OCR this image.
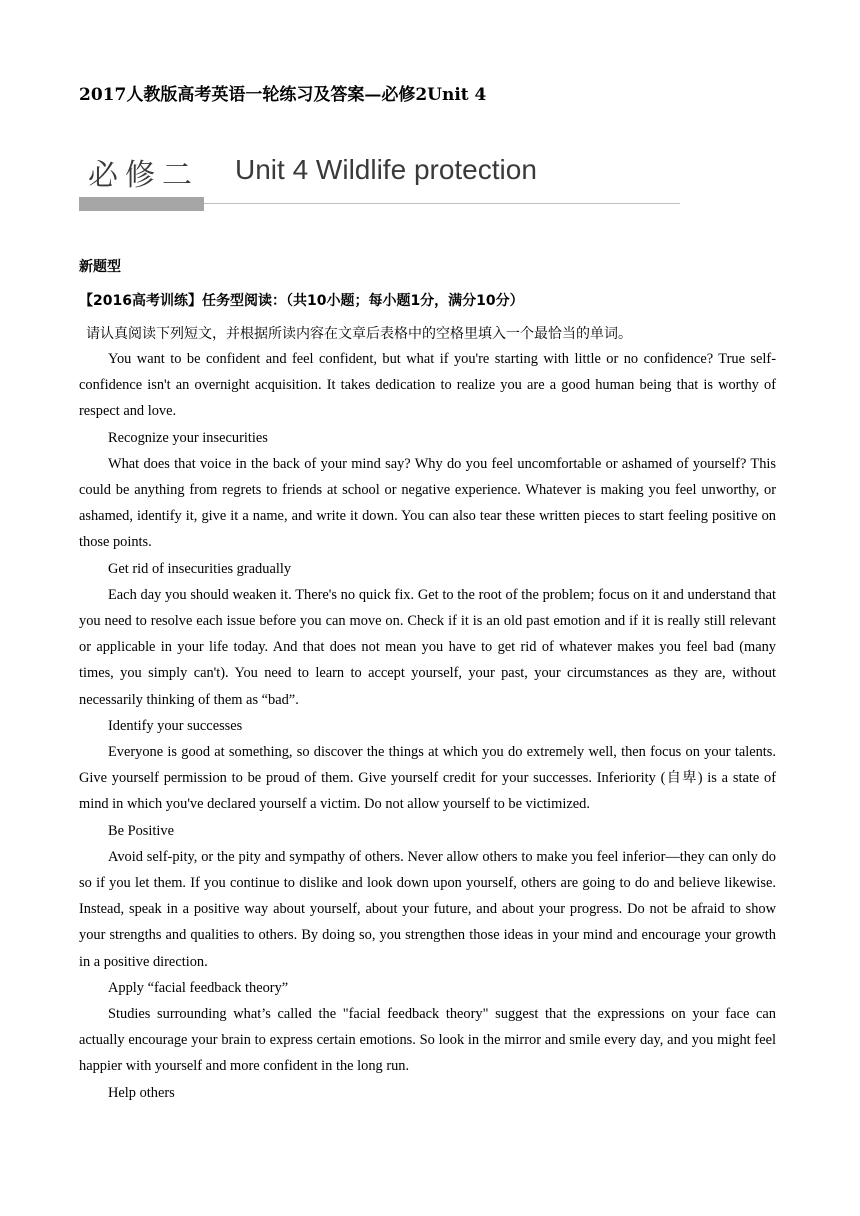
2017人教版高考英语一轮练习及答案—必修2Unit 4
必修二 Unit 4 Wildlife protection
新题型
【2016高考训练】任务型阅读：（共10小题；每小题1分，满分10分）
请认真阅读下列短文，并根据所读内容在文章后表格中的空格里填入一个最恰当的单词。

You want to be confident and feel confident, but what if you're starting with little or no confidence? True self-confidence isn't an overnight acquisition. It takes dedication to realize you are a good human being that is worthy of respect and love.

Recognize your insecurities

What does that voice in the back of your mind say? Why do you feel uncomfortable or ashamed of yourself? This could be anything from regrets to friends at school or negative experience. Whatever is making you feel unworthy, or ashamed, identify it, give it a name, and write it down. You can also tear these written pieces to start feeling positive on those points.

Get rid of insecurities gradually

Each day you should weaken it. There's no quick fix. Get to the root of the problem; focus on it and understand that you need to resolve each issue before you can move on. Check if it is an old past emotion and if it is really still relevant or applicable in your life today. And that does not mean you have to get rid of whatever makes you feel bad (many times, you simply can't). You need to learn to accept yourself, your past, your circumstances as they are, without necessarily thinking of them as “bad”.

Identify your successes

Everyone is good at something, so discover the things at which you do extremely well, then focus on your talents. Give yourself permission to be proud of them. Give yourself credit for your successes. Inferiority (自卑) is a state of mind in which you've declared yourself a victim. Do not allow yourself to be victimized.

Be Positive

Avoid self-pity, or the pity and sympathy of others. Never allow others to make you feel inferior—they can only do so if you let them. If you continue to dislike and look down upon yourself, others are going to do and believe likewise. Instead, speak in a positive way about yourself, about your future, and about your progress. Do not be afraid to show your strengths and qualities to others. By doing so, you strengthen those ideas in your mind and encourage your growth in a positive direction.

Apply “facial feedback theory”

Studies surrounding what’s called the "facial feedback theory" suggest that the expressions on your face can actually encourage your brain to express certain emotions. So look in the mirror and smile every day, and you might feel happier with yourself and more confident in the long run.

Help others
